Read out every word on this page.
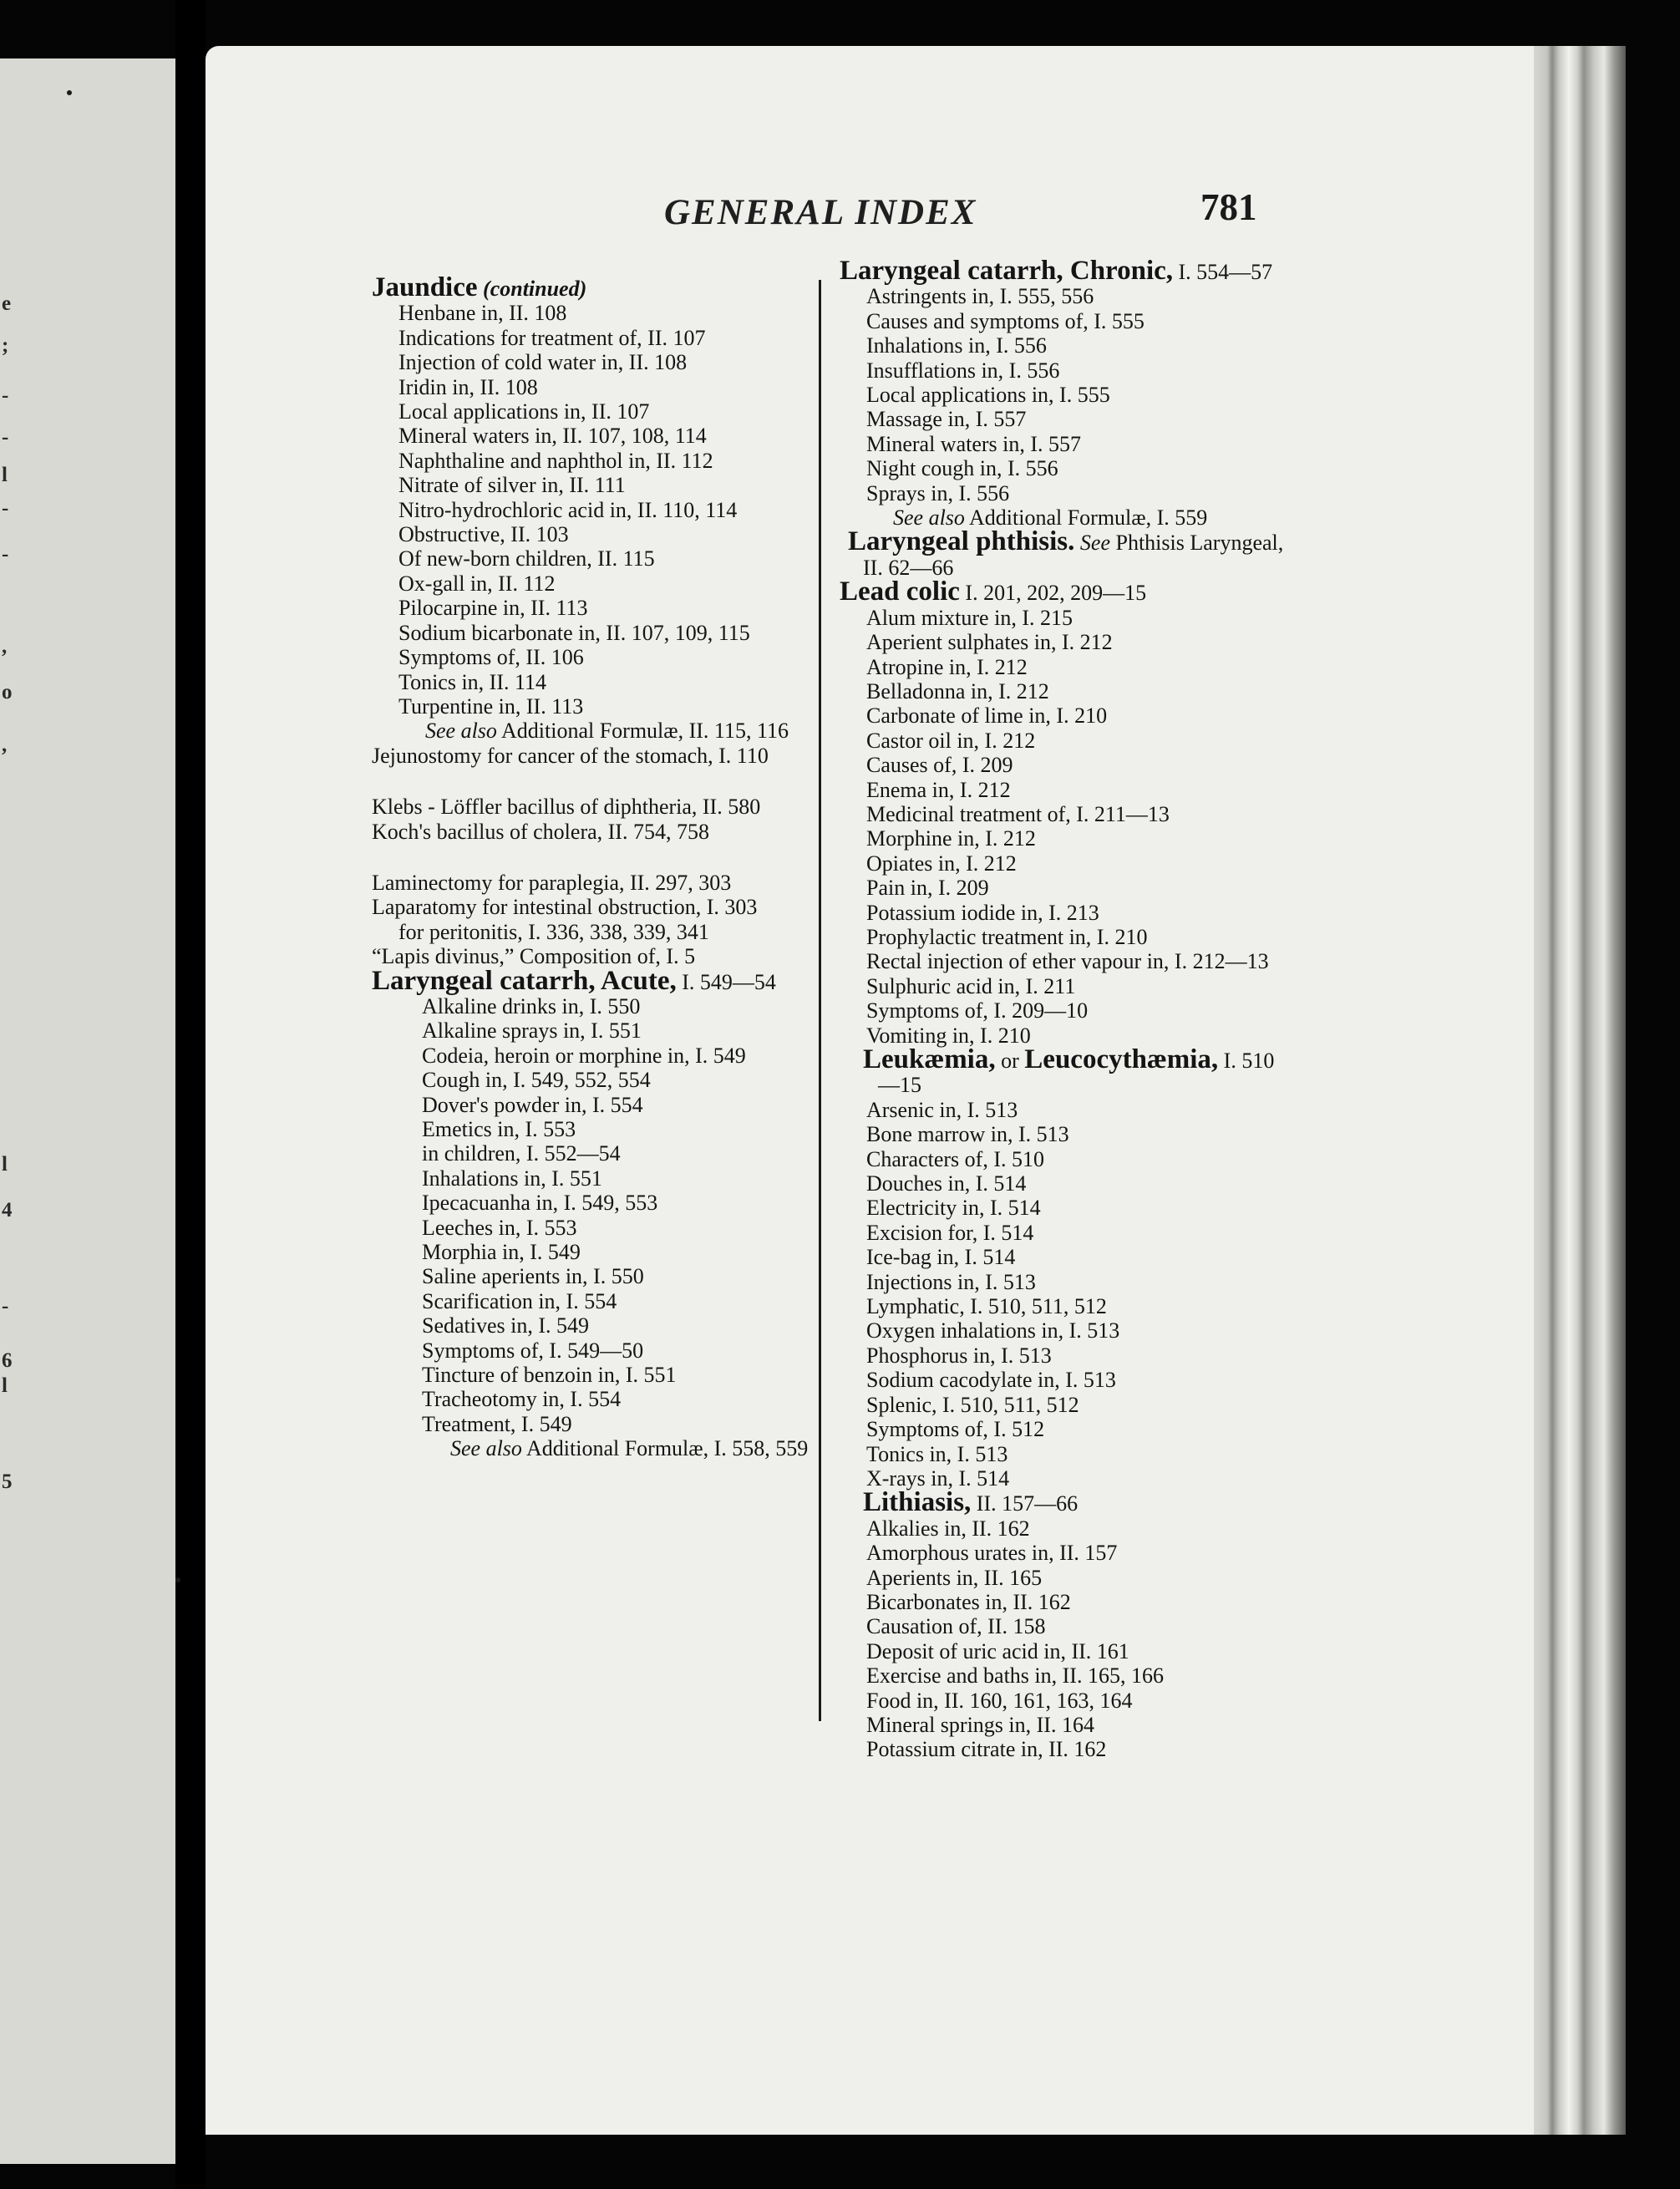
e
;
-
-
l
-
-
,
o
,
l
4
-
6
l
5
GENERAL INDEX	781
Jaundice (continued)
Henbane in, II. 108
Indications for treatment of, II. 107
Injection of cold water in, II. 108
Iridin in, II. 108
Local applications in, II. 107
Mineral waters in, II. 107, 108, 114
Naphthaline and naphthol in, II. 112
Nitrate of silver in, II. 111
Nitro-hydrochloric acid in, II. 110, 114
Obstructive, II. 103
Of new-born children, II. 115
Ox-gall in, II. 112
Pilocarpine in, II. 113
Sodium bicarbonate in, II. 107, 109, 115
Symptoms of, II. 106
Tonics in, II. 114
Turpentine in, II. 113
See also Additional Formulæ, II. 115, 116
Jejunostomy for cancer of the stomach, I. 110
Klebs - Löffler bacillus of diphtheria, II. 580
Koch's bacillus of cholera, II. 754, 758
Laminectomy for paraplegia, II. 297, 303
Laparatomy for intestinal obstruction, I. 303
for peritonitis, I. 336, 338, 339, 341
“Lapis divinus,” Composition of, I. 5
Laryngeal catarrh, Acute, I. 549—54
Alkaline drinks in, I. 550
Alkaline sprays in, I. 551
Codeia, heroin or morphine in, I. 549
Cough in, I. 549, 552, 554
Dover's powder in, I. 554
Emetics in, I. 553
in children, I. 552—54
Inhalations in, I. 551
Ipecacuanha in, I. 549, 553
Leeches in, I. 553
Morphia in, I. 549
Saline aperients in, I. 550
Scarification in, I. 554
Sedatives in, I. 549
Symptoms of, I. 549—50
Tincture of benzoin in, I. 551
Tracheotomy in, I. 554
Treatment, I. 549
See also Additional Formulæ, I. 558, 559
Laryngeal catarrh, Chronic, I. 554—57
Astringents in, I. 555, 556
Causes and symptoms of, I. 555
Inhalations in, I. 556
Insufflations in, I. 556
Local applications in, I. 555
Massage in, I. 557
Mineral waters in, I. 557
Night cough in, I. 556
Sprays in, I. 556
See also Additional Formulæ, I. 559
Laryngeal phthisis. See Phthisis Laryngeal, II. 62—66
Lead colic I. 201, 202, 209—15
Alum mixture in, I. 215
Aperient sulphates in, I. 212
Atropine in, I. 212
Belladonna in, I. 212
Carbonate of lime in, I. 210
Castor oil in, I. 212
Causes of, I. 209
Enema in, I. 212
Medicinal treatment of, I. 211—13
Morphine in, I. 212
Opiates in, I. 212
Pain in, I. 209
Potassium iodide in, I. 213
Prophylactic treatment in, I. 210
Rectal injection of ether vapour in, I. 212—13
Sulphuric acid in, I. 211
Symptoms of, I. 209—10
Vomiting in, I. 210
Leukæmia, or Leucocythæmia, I. 510—15
Arsenic in, I. 513
Bone marrow in, I. 513
Characters of, I. 510
Douches in, I. 514
Electricity in, I. 514
Excision for, I. 514
Ice-bag in, I. 514
Injections in, I. 513
Lymphatic, I. 510, 511, 512
Oxygen inhalations in, I. 513
Phosphorus in, I. 513
Sodium cacodylate in, I. 513
Splenic, I. 510, 511, 512
Symptoms of, I. 512
Tonics in, I. 513
X-rays in, I. 514
Lithiasis, II. 157—66
Alkalies in, II. 162
Amorphous urates in, II. 157
Aperients in, II. 165
Bicarbonates in, II. 162
Causation of, II. 158
Deposit of uric acid in, II. 161
Exercise and baths in, II. 165, 166
Food in, II. 160, 161, 163, 164
Mineral springs in, II. 164
Potassium citrate in, II. 162
